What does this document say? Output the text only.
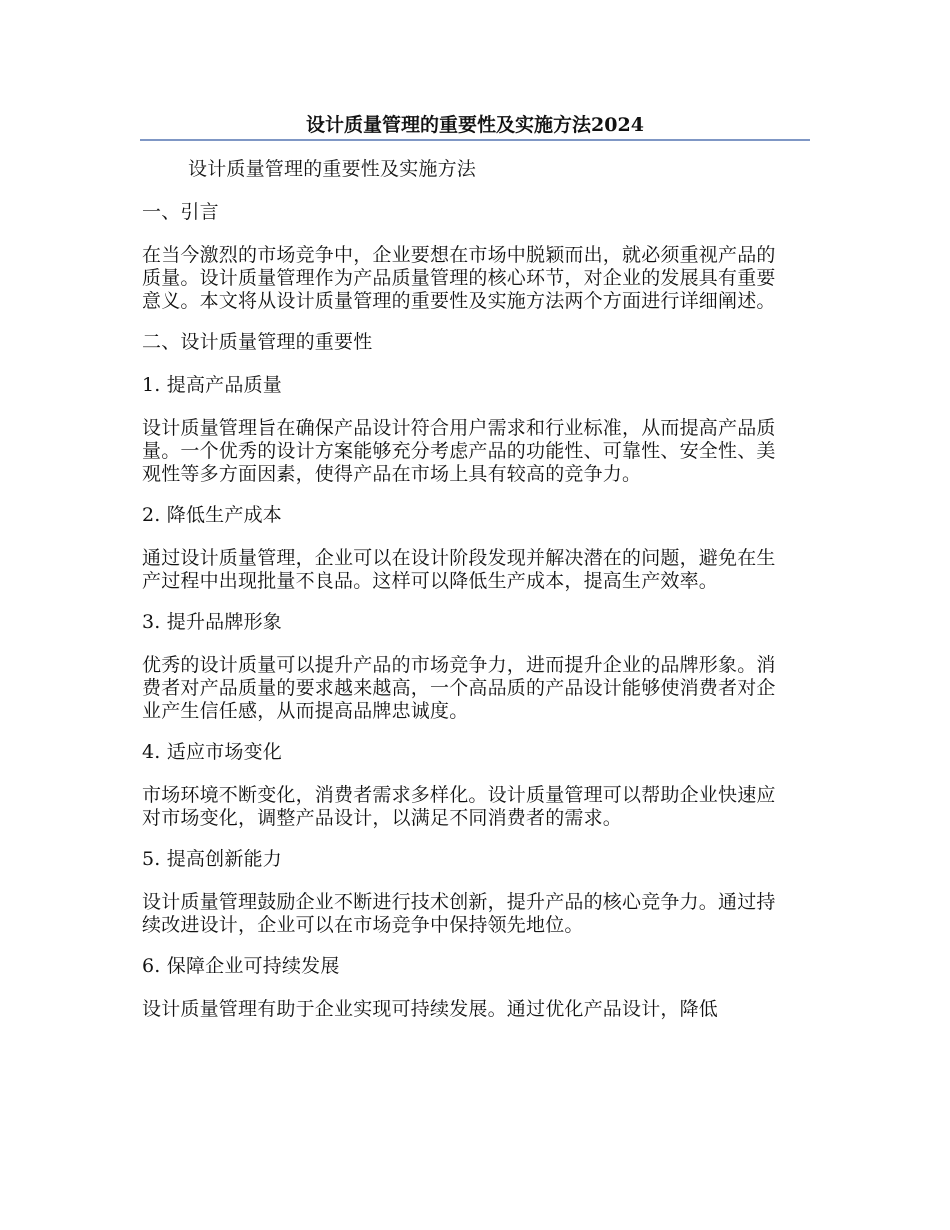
设计质量管理的重要性及实施方法2024

设计质量管理的重要性及实施方法

一、引言

在当今激烈的市场竞争中，企业要想在市场中脱颖而出，就必须重视产品的质量。设计质量管理作为产品质量管理的核心环节，对企业的发展具有重要意义。本文将从设计质量管理的重要性及实施方法两个方面进行详细阐述。

二、设计质量管理的重要性

1. 提高产品质量

设计质量管理旨在确保产品设计符合用户需求和行业标准，从而提高产品质量。一个优秀的设计方案能够充分考虑产品的功能性、可靠性、安全性、美观性等多方面因素，使得产品在市场上具有较高的竞争力。

2. 降低生产成本

通过设计质量管理，企业可以在设计阶段发现并解决潜在的问题，避免在生产过程中出现批量不良品。这样可以降低生产成本，提高生产效率。

3. 提升品牌形象

优秀的设计质量可以提升产品的市场竞争力，进而提升企业的品牌形象。消费者对产品质量的要求越来越高，一个高品质的产品设计能够使消费者对企业产生信任感，从而提高品牌忠诚度。

4. 适应市场变化

市场环境不断变化，消费者需求多样化。设计质量管理可以帮助企业快速应对市场变化，调整产品设计，以满足不同消费者的需求。

5. 提高创新能力

设计质量管理鼓励企业不断进行技术创新，提升产品的核心竞争力。通过持续改进设计，企业可以在市场竞争中保持领先地位。

6. 保障企业可持续发展

设计质量管理有助于企业实现可持续发展。通过优化产品设计，降低
